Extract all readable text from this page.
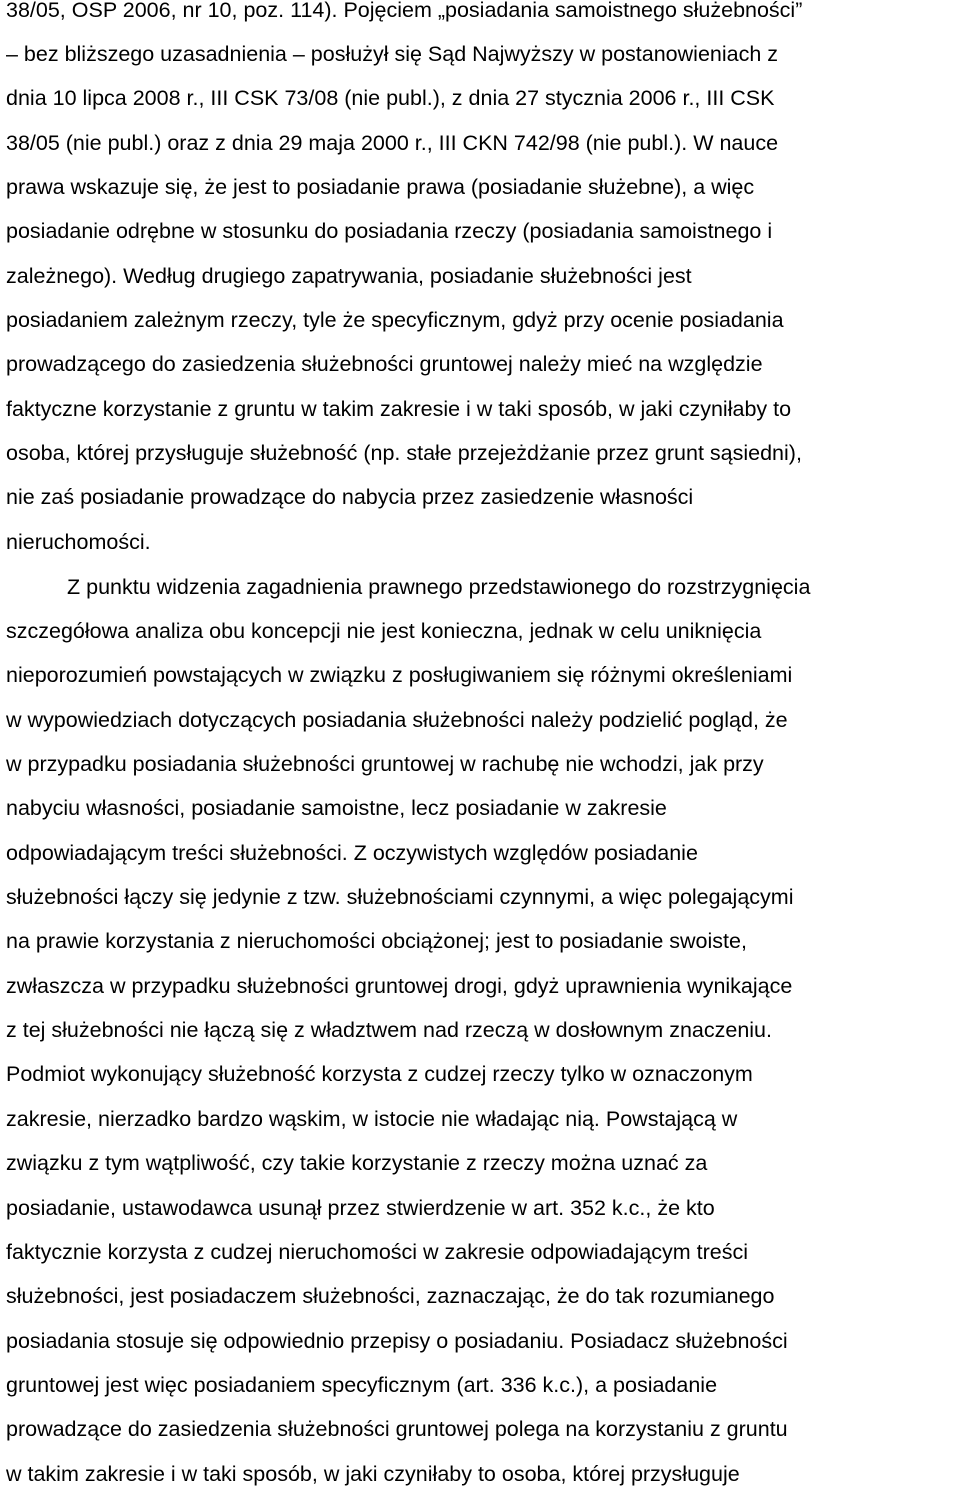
38/05, OSP 2006, nr 10, poz. 114). Pojęciem „posiadania samoistnego służebności”
– bez bliższego uzasadnienia – posłużył się Sąd Najwyższy w postanowieniach z
dnia 10 lipca 2008 r., III CSK 73/08 (nie publ.), z dnia 27 stycznia 2006 r., III CSK
38/05 (nie publ.) oraz z dnia 29 maja 2000 r., III CKN 742/98 (nie publ.). W nauce
prawa wskazuje się, że jest to posiadanie prawa (posiadanie służebne), a więc
posiadanie odrębne w stosunku do posiadania rzeczy (posiadania samoistnego i
zależnego). Według drugiego zapatrywania, posiadanie służebności jest
posiadaniem zależnym rzeczy, tyle że specyficznym, gdyż przy ocenie posiadania
prowadzącego do zasiedzenia służebności gruntowej należy mieć na względzie
faktyczne korzystanie z gruntu w takim zakresie i w taki sposób, w jaki czyniłaby to
osoba, której przysługuje służebność (np. stałe przejeżdżanie przez grunt sąsiedni),
nie zaś posiadanie prowadzące do nabycia przez zasiedzenie własności
nieruchomości.
Z punktu widzenia zagadnienia prawnego przedstawionego do rozstrzygnięcia
szczegółowa analiza obu koncepcji nie jest konieczna, jednak w celu uniknięcia
nieporozumień powstających w związku z posługiwaniem się różnymi określeniami
w wypowiedziach dotyczących posiadania służebności należy podzielić pogląd, że
w przypadku posiadania służebności gruntowej w rachubę nie wchodzi, jak przy
nabyciu własności, posiadanie samoistne, lecz posiadanie w zakresie
odpowiadającym treści służebności. Z oczywistych względów posiadanie
służebności łączy się jedynie z tzw. służebnościami czynnymi, a więc polegającymi
na prawie korzystania z nieruchomości obciążonej; jest to posiadanie swoiste,
zwłaszcza w przypadku służebności gruntowej drogi, gdyż uprawnienia wynikające
z tej służebności nie łączą się z władztwem nad rzeczą w dosłownym znaczeniu.
Podmiot wykonujący służebność korzysta z cudzej rzeczy tylko w oznaczonym
zakresie, nierzadko bardzo wąskim, w istocie nie władając nią. Powstającą w
związku z tym wątpliwość, czy takie korzystanie z rzeczy można uznać za
posiadanie, ustawodawca usunął przez stwierdzenie w art. 352 k.c., że kto
faktycznie korzysta z cudzej nieruchomości w zakresie odpowiadającym treści
służebności, jest posiadaczem służebności, zaznaczając, że do tak rozumianego
posiadania stosuje się odpowiednio przepisy o posiadaniu. Posiadacz służebności
gruntowej jest więc posiadaniem specyficznym (art. 336 k.c.), a posiadanie
prowadzące do zasiedzenia służebności gruntowej polega na korzystaniu z gruntu
w takim zakresie i w taki sposób, w jaki czyniłaby to osoba, której przysługuje
